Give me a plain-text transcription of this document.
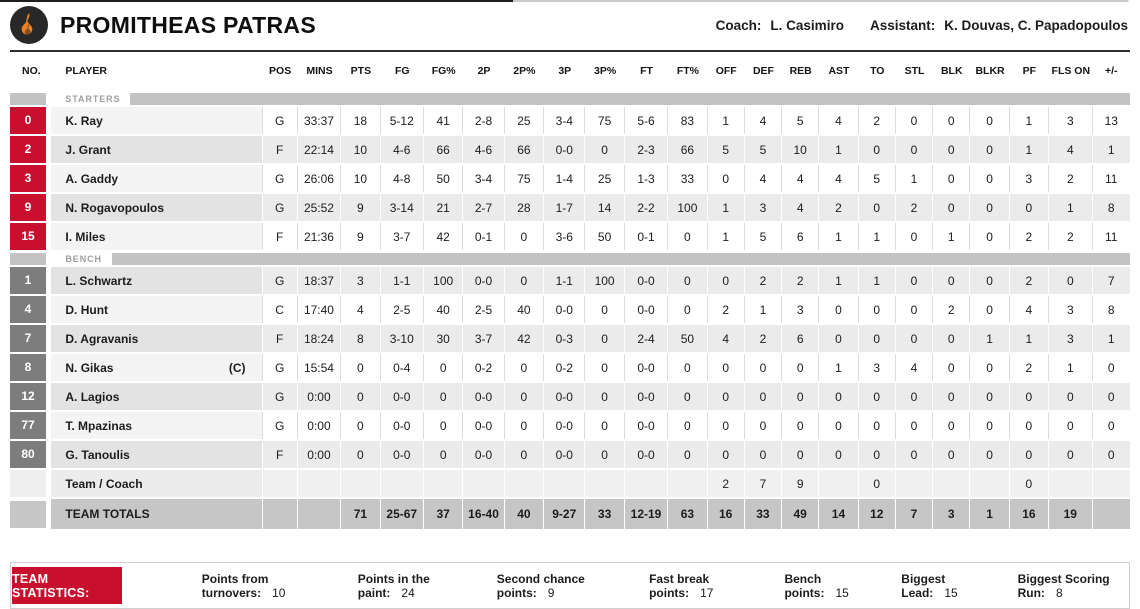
PROMITHEAS PATRAS	Coach: L. Casimiro Assistant: K. Douvas, C. Papadopoulos
NO.	PLAYER	POS	MINS	PTS	FG	FG%	2P	2P%	3P	3P%	FT	FT%	OFF	DEF	REB	AST	TO	STL	BLK	BLKR	PF	FLS ON	+/-

	STARTERS																						

0	K. Ray	G	33:37	18	5-12	41	2-8	25	3-4	75	5-6	83	1	4	5	4	2	0	0	0	1	3	13

2	J. Grant	F	22:14	10	4-6	66	4-6	66	0-0	0	2-3	66	5	5	10	1	0	0	0	0	1	4	1

3	A. Gaddy	G	26:06	10	4-8	50	3-4	75	1-4	25	1-3	33	0	4	4	4	5	1	0	0	3	2	11

9	N. Rogavopoulos	G	25:52	9	3-14	21	2-7	28	1-7	14	2-2	100	1	3	4	2	0	2	0	0	0	1	8

15	I. Miles	F	21:36	9	3-7	42	0-1	0	3-6	50	0-1	0	1	5	6	1	1	0	1	0	2	2	11

	BENCH																						

1	L. Schwartz	G	18:37	3	1-1	100	0-0	0	1-1	100	0-0	0	0	2	2	1	1	0	0	0	2	0	7

4	D. Hunt	C	17:40	4	2-5	40	2-5	40	0-0	0	0-0	0	2	1	3	0	0	0	2	0	4	3	8

7	D. Agravanis	F	18:24	8	3-10	30	3-7	42	0-3	0	2-4	50	4	2	6	0	0	0	0	1	1	3	1

8	N. Gikas (C)	G	15:54	0	0-4	0	0-2	0	0-2	0	0-0	0	0	0	0	1	3	4	0	0	2	1	0

12	A. Lagios	G	0:00	0	0-0	0	0-0	0	0-0	0	0-0	0	0	0	0	0	0	0	0	0	0	0	0

77	T. Mpazinas	G	0:00	0	0-0	0	0-0	0	0-0	0	0-0	0	0	0	0	0	0	0	0	0	0	0	0

80	G. Tanoulis	F	0:00	0	0-0	0	0-0	0	0-0	0	0-0	0	0	0	0	0	0	0	0	0	0	0	0

	Team / Coach												2	7	9		0				0		

	TEAM TOTALS			71	25-67	37	16-40	40	9-27	33	12-19	63	16	33	49	14	12	7	3	1	16	19	
TEAM STATISTICS:
Points from turnovers: 10
Points in the paint: 24
Second chance points: 9
Fast break points: 17
Bench points: 15
Biggest Lead: 15
Biggest Scoring Run: 8
